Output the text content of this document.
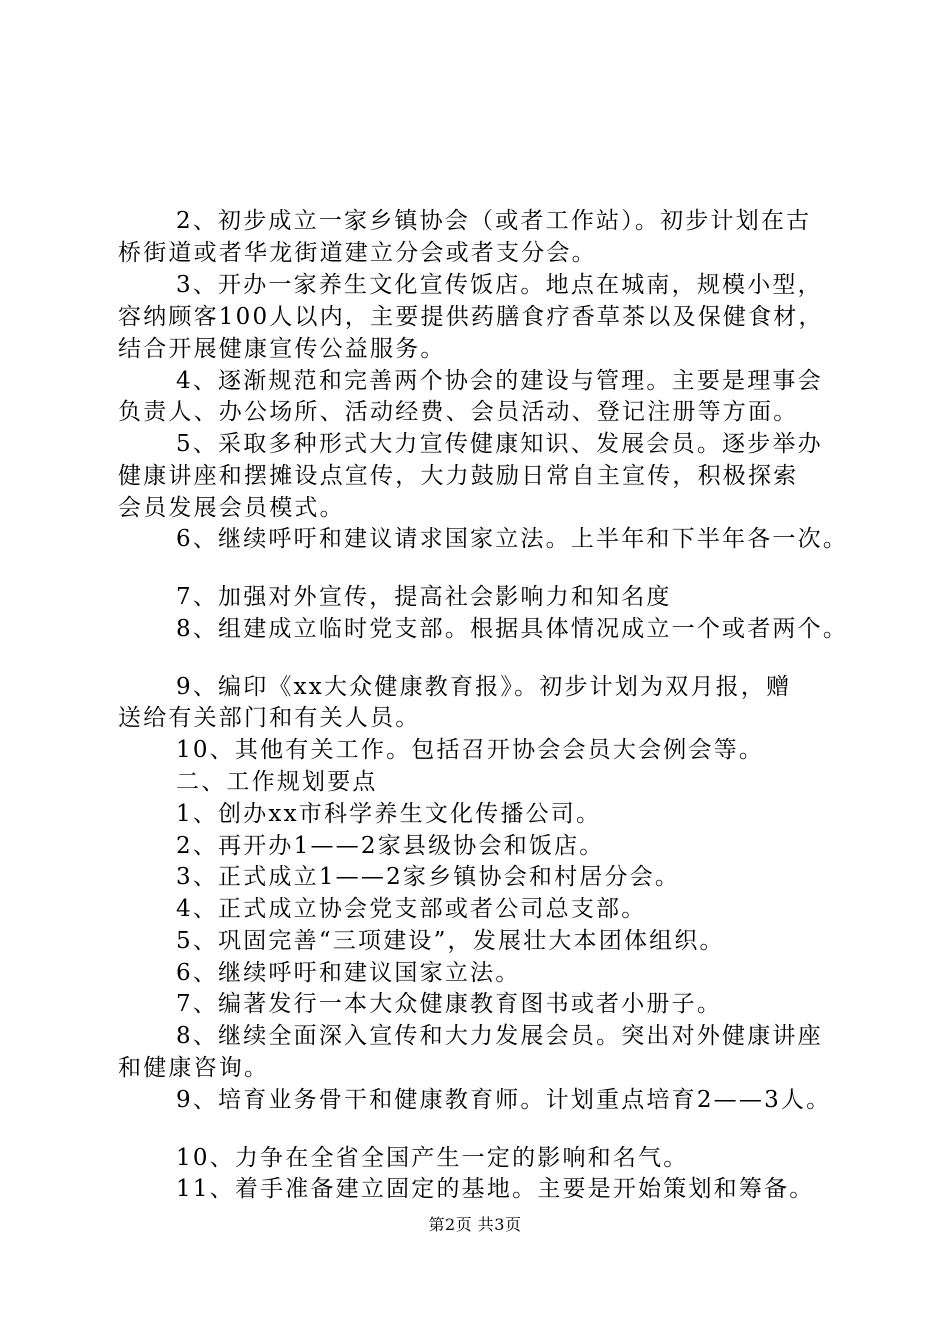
2、初步成立一家乡镇协会（或者工作站）。初步计划在古
桥街道或者华龙街道建立分会或者支分会。
3、开办一家养生文化宣传饭店。地点在城南，规模小型，
容纳顾客100人以内，主要提供药膳食疗香草茶以及保健食材，
结合开展健康宣传公益服务。
4、逐渐规范和完善两个协会的建设与管理。主要是理事会
负责人、办公场所、活动经费、会员活动、登记注册等方面。
5、采取多种形式大力宣传健康知识、发展会员。逐步举办
健康讲座和摆摊设点宣传，大力鼓励日常自主宣传，积极探索
会员发展会员模式。
6、继续呼吁和建议请求国家立法。上半年和下半年各一次。
7、加强对外宣传，提高社会影响力和知名度
8、组建成立临时党支部。根据具体情况成立一个或者两个。
9、编印《xx大众健康教育报》。初步计划为双月报，赠
送给有关部门和有关人员。
10、其他有关工作。包括召开协会会员大会例会等。
二、工作规划要点
1、创办xx市科学养生文化传播公司。
2、再开办1——2家县级协会和饭店。
3、正式成立1——2家乡镇协会和村居分会。
4、正式成立协会党支部或者公司总支部。
5、巩固完善“三项建设”，发展壮大本团体组织。
6、继续呼吁和建议国家立法。
7、编著发行一本大众健康教育图书或者小册子。
8、继续全面深入宣传和大力发展会员。突出对外健康讲座
和健康咨询。
9、培育业务骨干和健康教育师。计划重点培育2——3人。
10、力争在全省全国产生一定的影响和名气。
11、着手准备建立固定的基地。主要是开始策划和筹备。
第2页 共3页
